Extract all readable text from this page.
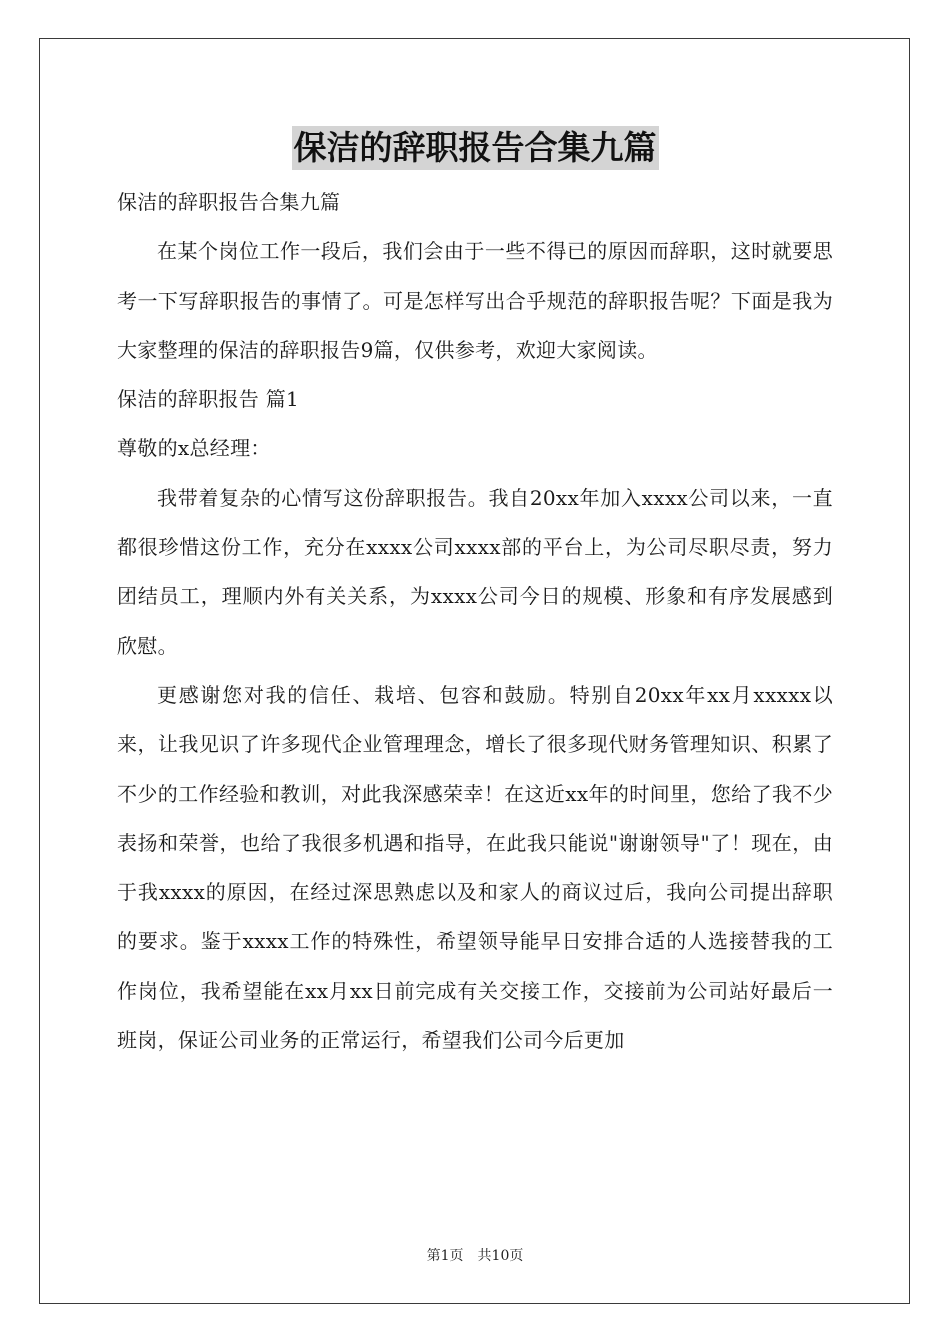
保洁的辞职报告合集九篇

保洁的辞职报告合集九篇

在某个岗位工作一段后，我们会由于一些不得已的原因而辞职，这时就要思考一下写辞职报告的事情了。可是怎样写出合乎规范的辞职报告呢？下面是我为大家整理的保洁的辞职报告9篇，仅供参考，欢迎大家阅读。

保洁的辞职报告 篇1

尊敬的x总经理：

我带着复杂的心情写这份辞职报告。我自20xx年加入xxxx公司以来，一直都很珍惜这份工作，充分在xxxx公司xxxx部的平台上，为公司尽职尽责，努力团结员工，理顺内外有关关系，为xxxx公司今日的规模、形象和有序发展感到欣慰。

更感谢您对我的信任、栽培、包容和鼓励。特别自20xx年xx月xxxxx以来，让我见识了许多现代企业管理理念，增长了很多现代财务管理知识、积累了不少的工作经验和教训，对此我深感荣幸！在这近xx年的时间里，您给了我不少表扬和荣誉，也给了我很多机遇和指导，在此我只能说"谢谢领导"了！现在，由于我xxxx的原因，在经过深思熟虑以及和家人的商议过后，我向公司提出辞职的要求。鉴于xxxx工作的特殊性，希望领导能早日安排合适的人选接替我的工作岗位，我希望能在xx月xx日前完成有关交接工作，交接前为公司站好最后一班岗，保证公司业务的正常运行，希望我们公司今后更加

第1页 共10页
